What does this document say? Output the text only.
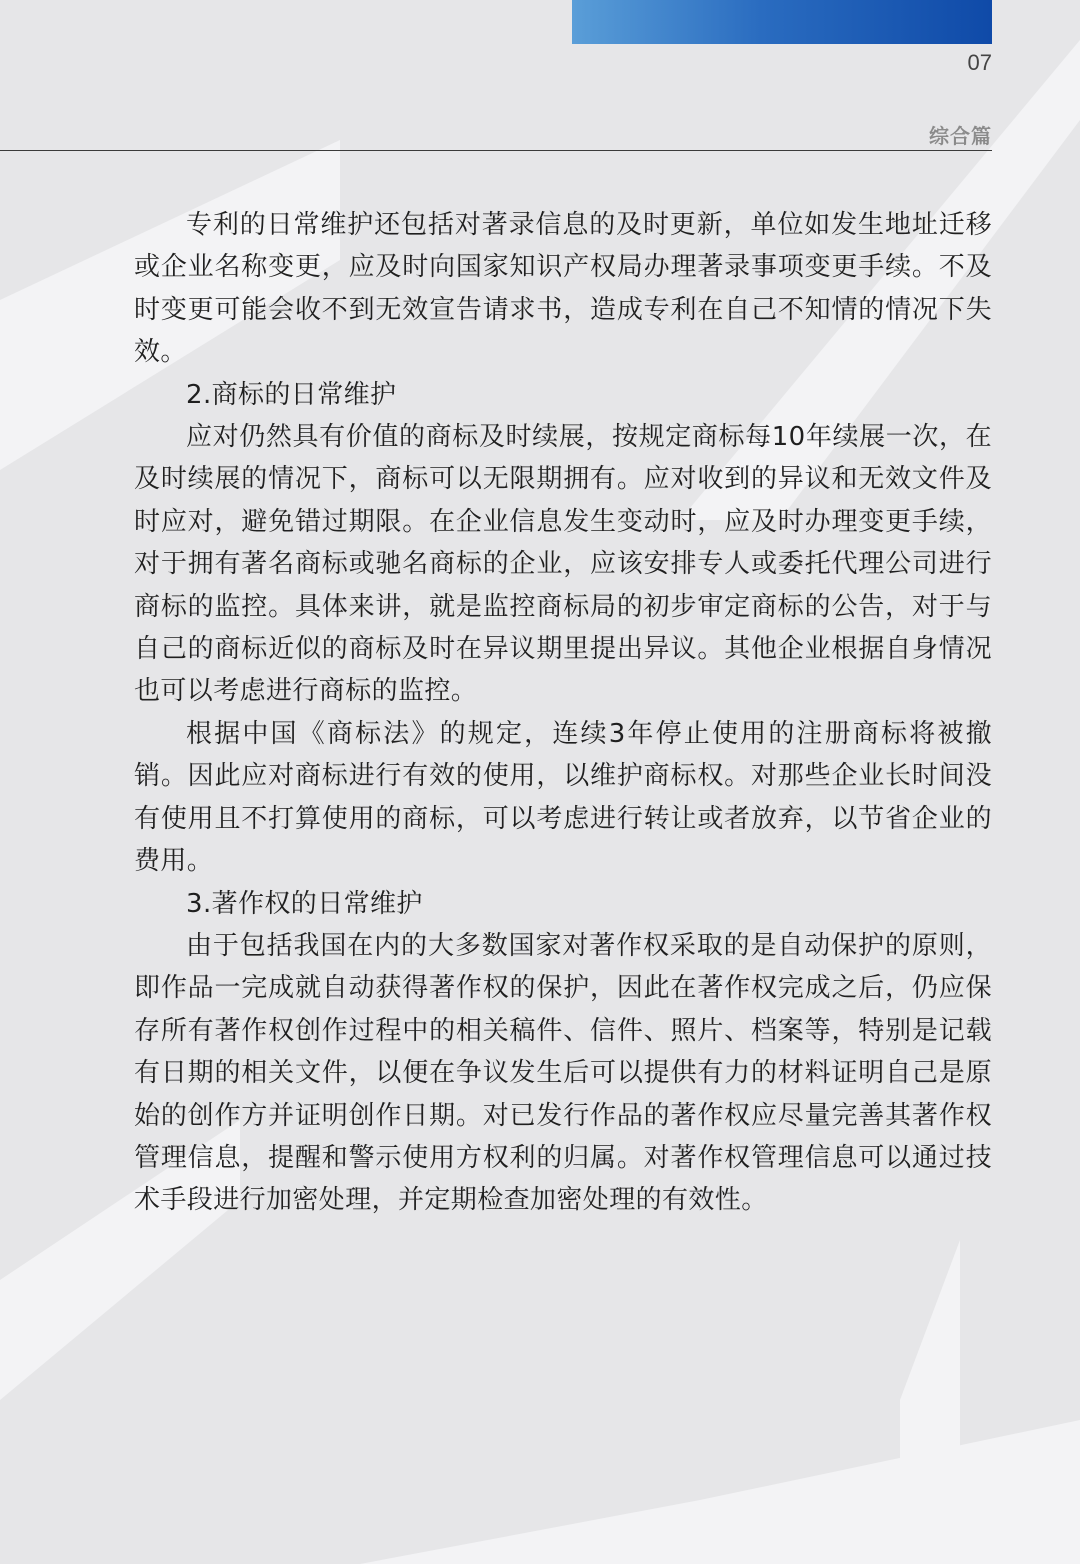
07
综合篇

专利的日常维护还包括对著录信息的及时更新，单位如发生地址迁移或企业名称变更，应及时向国家知识产权局办理著录事项变更手续。不及时变更可能会收不到无效宣告请求书，造成专利在自己不知情的情况下失效。

2.商标的日常维护

应对仍然具有价值的商标及时续展，按规定商标每10年续展一次，在及时续展的情况下，商标可以无限期拥有。应对收到的异议和无效文件及时应对，避免错过期限。在企业信息发生变动时，应及时办理变更手续，对于拥有著名商标或驰名商标的企业，应该安排专人或委托代理公司进行商标的监控。具体来讲，就是监控商标局的初步审定商标的公告，对于与自己的商标近似的商标及时在异议期里提出异议。其他企业根据自身情况也可以考虑进行商标的监控。

根据中国《商标法》的规定，连续3年停止使用的注册商标将被撤销。因此应对商标进行有效的使用，以维护商标权。对那些企业长时间没有使用且不打算使用的商标，可以考虑进行转让或者放弃，以节省企业的费用。

3.著作权的日常维护

由于包括我国在内的大多数国家对著作权采取的是自动保护的原则，即作品一完成就自动获得著作权的保护，因此在著作权完成之后，仍应保存所有著作权创作过程中的相关稿件、信件、照片、档案等，特别是记载有日期的相关文件，以便在争议发生后可以提供有力的材料证明自己是原始的创作方并证明创作日期。对已发行作品的著作权应尽量完善其著作权管理信息，提醒和警示使用方权利的归属。对著作权管理信息可以通过技术手段进行加密处理，并定期检查加密处理的有效性。
